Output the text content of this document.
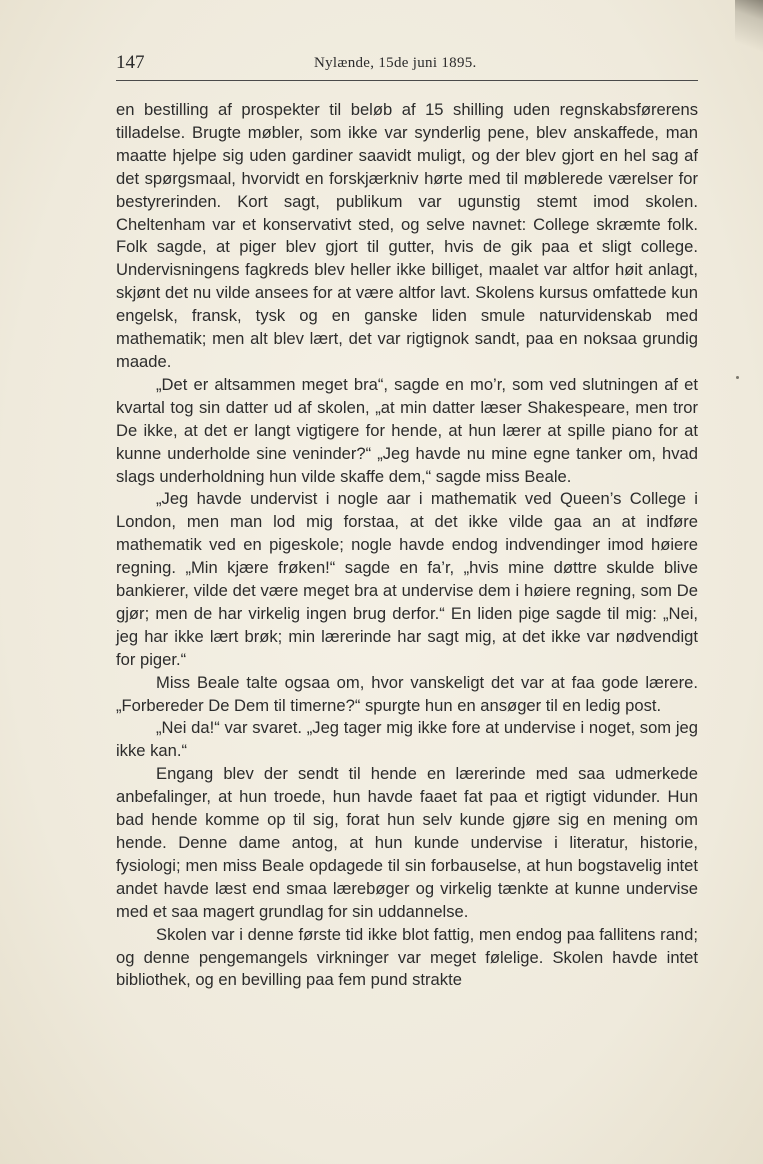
147	Nylænde, 15de juni 1895.

en bestilling af prospekter til beløb af 15 shilling uden regnskabsførerens tilladelse. Brugte møbler, som ikke var synderlig pene, blev anskaffede, man maatte hjelpe sig uden gardiner saavidt muligt, og der blev gjort en hel sag af det spørgsmaal, hvorvidt en forskjærkniv hørte med til møblerede værelser for bestyrerinden. Kort sagt, publikum var ugunstig stemt imod skolen. Cheltenham var et konservativt sted, og selve navnet: College skræmte folk. Folk sagde, at piger blev gjort til gutter, hvis de gik paa et sligt college. Undervisningens fagkreds blev heller ikke billiget, maalet var altfor høit anlagt, skjønt det nu vilde ansees for at være altfor lavt. Skolens kursus omfattede kun engelsk, fransk, tysk og en ganske liden smule naturvidenskab med mathematik; men alt blev lært, det var rigtignok sandt, paa en noksaa grundig maade.

„Det er altsammen meget bra“, sagde en mo’r, som ved slutningen af et kvartal tog sin datter ud af skolen, „at min datter læser Shakespeare, men tror De ikke, at det er langt vigtigere for hende, at hun lærer at spille piano for at kunne underholde sine veninder?“ „Jeg havde nu mine egne tanker om, hvad slags underholdning hun vilde skaffe dem,“ sagde miss Beale.

„Jeg havde undervist i nogle aar i mathematik ved Queen’s College i London, men man lod mig forstaa, at det ikke vilde gaa an at indføre mathematik ved en pigeskole; nogle havde endog indvendinger imod høiere regning. „Min kjære frøken!“ sagde en fa’r, „hvis mine døttre skulde blive bankierer, vilde det være meget bra at undervise dem i høiere regning, som De gjør; men de har virkelig ingen brug derfor.“ En liden pige sagde til mig: „Nei, jeg har ikke lært brøk; min lærerinde har sagt mig, at det ikke var nødvendigt for piger.“

Miss Beale talte ogsaa om, hvor vanskeligt det var at faa gode lærere. „Forbereder De Dem til timerne?“ spurgte hun en ansøger til en ledig post.

„Nei da!“ var svaret. „Jeg tager mig ikke fore at undervise i noget, som jeg ikke kan.“

Engang blev der sendt til hende en lærerinde med saa udmerkede anbefalinger, at hun troede, hun havde faaet fat paa et rigtigt vidunder. Hun bad hende komme op til sig, forat hun selv kunde gjøre sig en mening om hende. Denne dame antog, at hun kunde undervise i literatur, historie, fysiologi; men miss Beale opdagede til sin forbauselse, at hun bogstavelig intet andet havde læst end smaa lærebøger og virkelig tænkte at kunne undervise med et saa magert grundlag for sin uddannelse.

Skolen var i denne første tid ikke blot fattig, men endog paa fallitens rand; og denne pengemangels virkninger var meget følelige. Skolen havde intet bibliothek, og en bevilling paa fem pund strakte
